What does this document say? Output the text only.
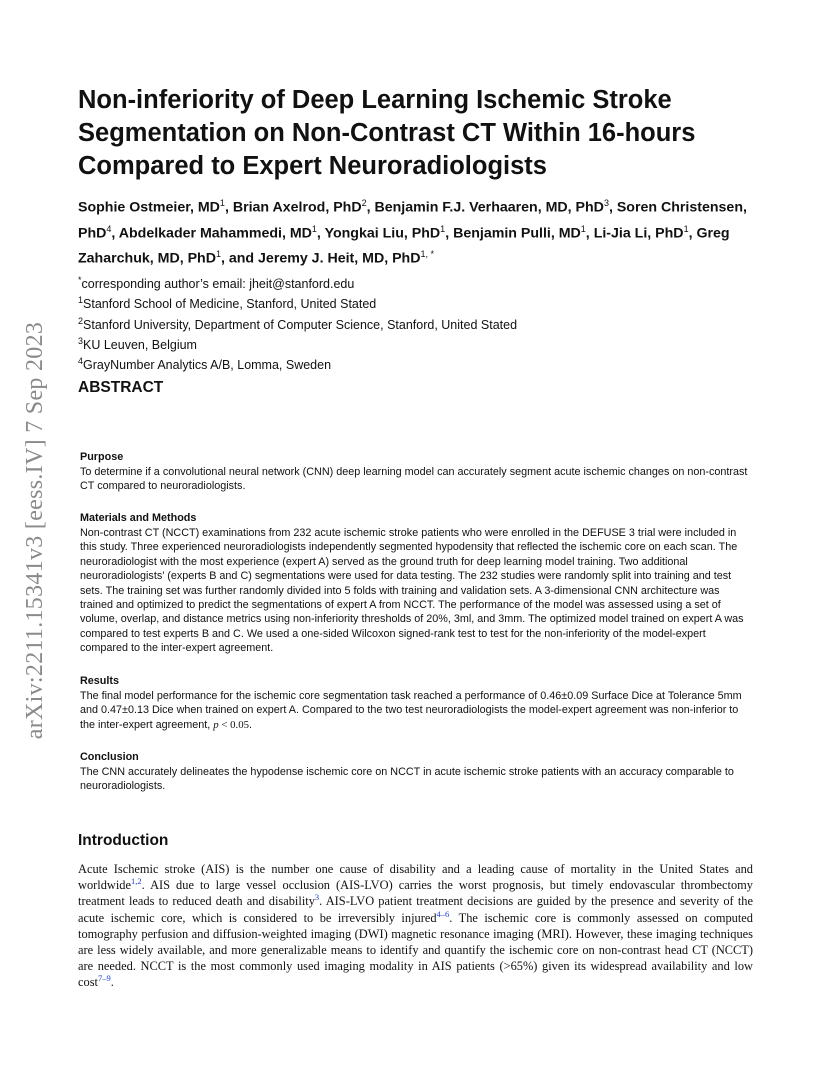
arXiv:2211.15341v3 [eess.IV] 7 Sep 2023
Non-inferiority of Deep Learning Ischemic Stroke Segmentation on Non-Contrast CT Within 16-hours Compared to Expert Neuroradiologists

Sophie Ostmeier, $MD^1$, Brian Axelrod, PhD$^2$, Benjamin F.J. Verhaaren, MD, PhD$^3$, Soren Christensen, PhD$^4$, Abdelkader Mahammedi, $MD^1$, Yongkai Liu, PhD$^1$, Benjamin Pulli, $MD^1$, Li-Jia Li, PhD$^1$, Greg Zaharchuk, MD, PhD$^1$, and Jeremy J. Heit, MD, PhD$^{1, *}$

*corresponding author’s email: jheit@stanford.edu
$^1$Stanford School of Medicine, Stanford, United Stated
$^2$Stanford University, Department of Computer Science, Stanford, United Stated
$^3$KU Leuven, Belgium
$^4$GrayNumber Analytics A/B, Lomma, Sweden
ABSTRACT
Purpose

To determine if a convolutional neural network (CNN) deep learning model can accurately segment acute ischemic changes on non-contrast CT compared to neuroradiologists.

Materials and Methods

Non-contrast CT (NCCT) examinations from 232 acute ischemic stroke patients who were enrolled in the DEFUSE 3 trial were included in this study. Three experienced neuroradiologists independently segmented hypodensity that reflected the ischemic core on each scan. The neuroradiologist with the most experience (expert A) served as the ground truth for deep learning model training. Two additional neuroradiologists’ (experts B and C) segmentations were used for data testing. The 232 studies were randomly split into training and test sets. The training set was further randomly divided into 5 folds with training and validation sets. A 3-dimensional CNN architecture was trained and optimized to predict the segmentations of expert A from NCCT. The performance of the model was assessed using a set of volume, overlap, and distance metrics using non-inferiority thresholds of 20%, 3ml, and 3mm. The optimized model trained on expert A was compared to test experts B and C. We used a one-sided Wilcoxon signed-rank test to test for the non-inferiority of the model-expert compared to the inter-expert agreement.

Results

The final model performance for the ischemic core segmentation task reached a performance of 0.46±0.09 Surface Dice at Tolerance 5mm and 0.47±0.13 Dice when trained on expert A. Compared to the two test neuroradiologists the model-expert agreement was non-inferior to the inter-expert agreement, p < 0.05.

Conclusion

The CNN accurately delineates the hypodense ischemic core on NCCT in acute ischemic stroke patients with an accuracy comparable to neuroradiologists.

Introduction

Acute Ischemic stroke (AIS) is the number one cause of disability and a leading cause of mortality in the United States and worldwide$^{1,2}$. AIS due to large vessel occlusion (AIS-LVO) carries the worst prognosis, but timely endovascular thrombectomy treatment leads to reduced death and disability$^3$. AIS-LVO patient treatment decisions are guided by the presence and severity of the acute ischemic core, which is considered to be irreversibly injured$^{4-6}$. The ischemic core is commonly assessed on computed tomography perfusion and diffusion-weighted imaging (DWI) magnetic resonance imaging (MRI). However, these imaging techniques are less widely available, and more generalizable means to identify and quantify the ischemic core on non-contrast head CT (NCCT) are needed. NCCT is the most commonly used imaging modality in AIS patients (>65%) given its widespread availability and low cost$^{7-9}$.
